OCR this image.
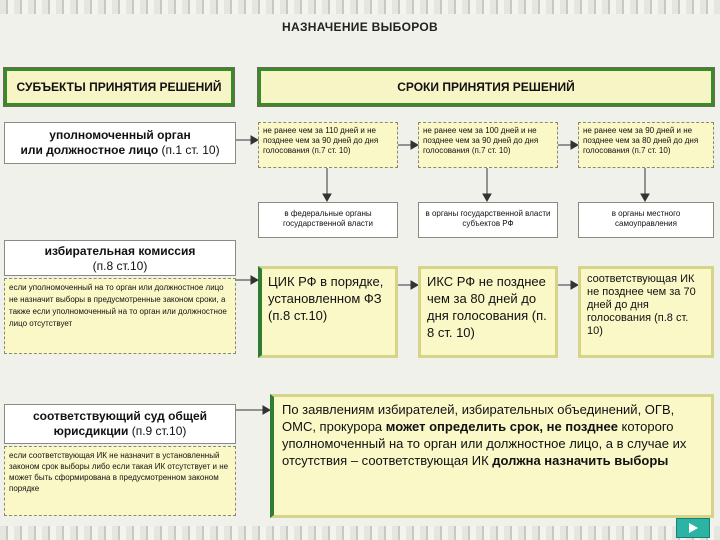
НАЗНАЧЕНИЕ ВЫБОРОВ
СУБЪЕКТЫ ПРИНЯТИЯ РЕШЕНИЙ	СРОКИ ПРИНЯТИЯ РЕШЕНИЙ
уполномоченный орган
или должностное лицо (п.1 ст. 10)
не ранее чем за 110 дней и не позднее чем за 90 дней до дня голосования (п.7 ст. 10)
не ранее чем за 100 дней и не позднее чем за 90 дней до дня голосования (п.7 ст. 10)
не ранее чем за 90 дней и не позднее чем за 80 дней до дня голосования (п.7 ст. 10)
в федеральные органы государственной власти
в органы государственной власти субъектов РФ
в органы местного самоуправления
избирательная комиссия
(п.8 ст.10)
если уполномоченный на то орган или должностное лицо не назначит выборы в предусмотренные законом сроки, а также если уполномоченный на то орган или должностное лицо отсутствует
ЦИК РФ в порядке, установленном ФЗ (п.8 ст.10)
ИКС РФ не позднее чем за 80 дней до дня голосования (п. 8 ст. 10)
соответствующая ИК не позднее чем за 70 дней до дня голосования (п.8 ст. 10)
соответствующий суд общей
юрисдикции (п.9 ст.10)
если соответствующая ИК не назначит в установленный законом срок выборы либо если такая ИК отсутствует и не может быть сформирована в предусмотренном законом порядке
По заявлениям избирателей, избирательных объединений, ОГВ, ОМС, прокурора может определить срок, не позднее которого уполномоченный на то орган или должностное лицо, а в случае их отсутствия – соответствующая ИК должна назначить выборы
